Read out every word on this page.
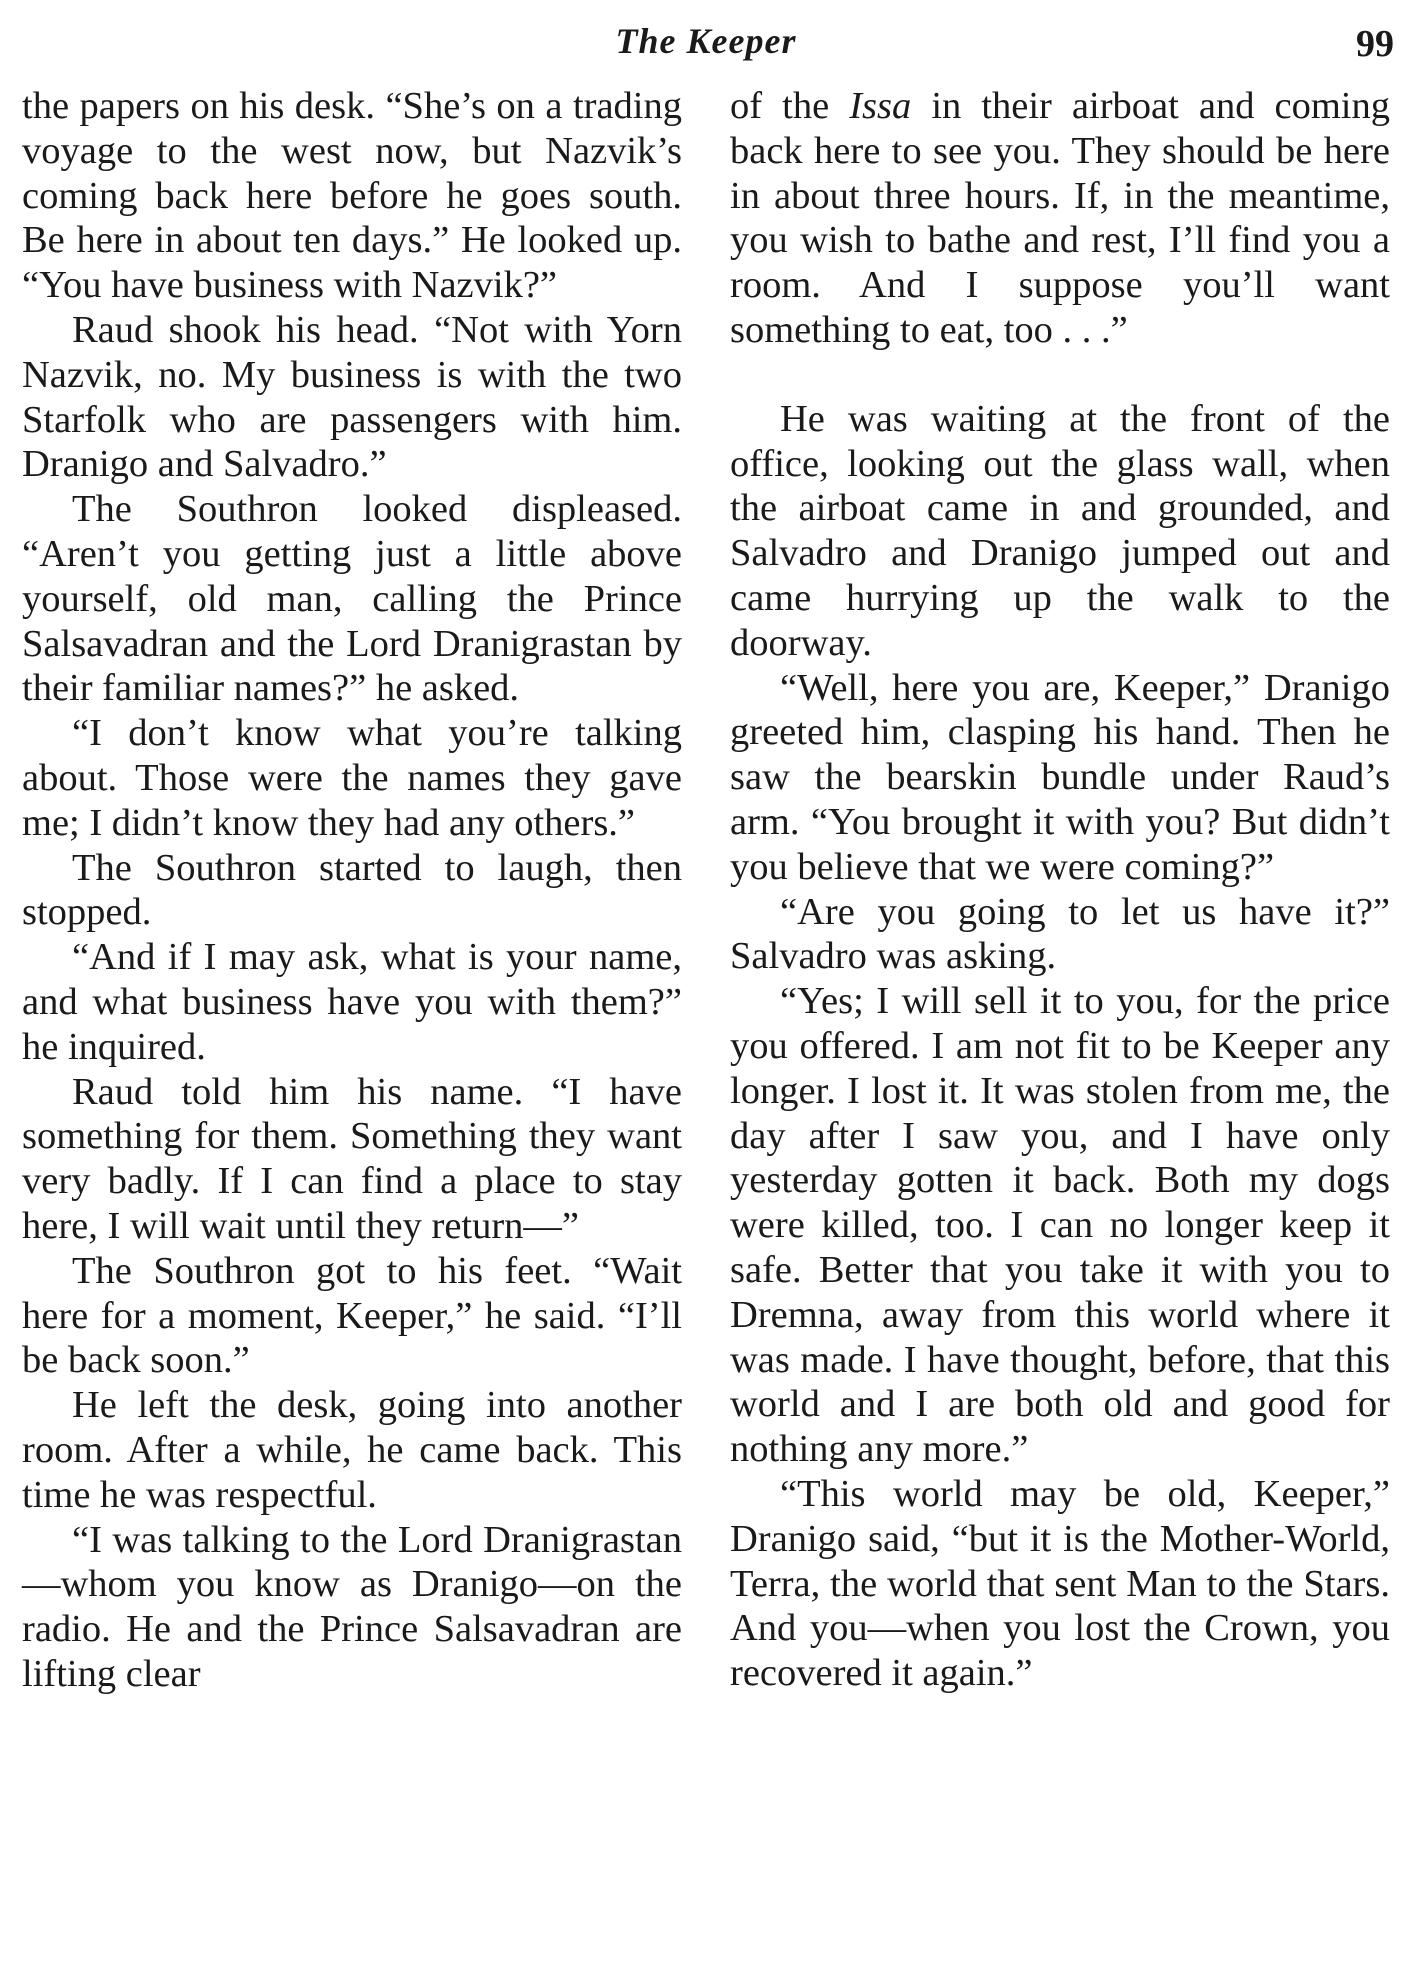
The Keeper	99

the papers on his desk. “She’s on a trading voyage to the west now, but Nazvik’s coming back here before he goes south. Be here in about ten days.” He looked up. “You have business with Nazvik?”

Raud shook his head. “Not with Yorn Nazvik, no. My business is with the two Starfolk who are passengers with him. Dranigo and Salvadro.”

The Southron looked displeased. “Aren’t you getting just a little above yourself, old man, calling the Prince Salsavadran and the Lord Dranigrastan by their familiar names?” he asked.

“I don’t know what you’re talking about. Those were the names they gave me; I didn’t know they had any others.”

The Southron started to laugh, then stopped.

“And if I may ask, what is your name, and what business have you with them?” he inquired.

Raud told him his name. “I have something for them. Something they want very badly. If I can find a place to stay here, I will wait until they return—”

The Southron got to his feet. “Wait here for a moment, Keeper,” he said. “I’ll be back soon.”

He left the desk, going into another room. After a while, he came back. This time he was respectful.

“I was talking to the Lord Dranigrastan—whom you know as Dranigo—on the radio. He and the Prince Salsavadran are lifting clear

of the Issa in their airboat and coming back here to see you. They should be here in about three hours. If, in the meantime, you wish to bathe and rest, I’ll find you a room. And I suppose you’ll want something to eat, too . . .”

He was waiting at the front of the office, looking out the glass wall, when the airboat came in and grounded, and Salvadro and Dranigo jumped out and came hurrying up the walk to the doorway.

“Well, here you are, Keeper,” Dranigo greeted him, clasping his hand. Then he saw the bearskin bundle under Raud’s arm. “You brought it with you? But didn’t you believe that we were coming?”

“Are you going to let us have it?” Salvadro was asking.

“Yes; I will sell it to you, for the price you offered. I am not fit to be Keeper any longer. I lost it. It was stolen from me, the day after I saw you, and I have only yesterday gotten it back. Both my dogs were killed, too. I can no longer keep it safe. Better that you take it with you to Dremna, away from this world where it was made. I have thought, before, that this world and I are both old and good for nothing any more.”

“This world may be old, Keeper,” Dranigo said, “but it is the Mother-World, Terra, the world that sent Man to the Stars. And you—when you lost the Crown, you recovered it again.”
